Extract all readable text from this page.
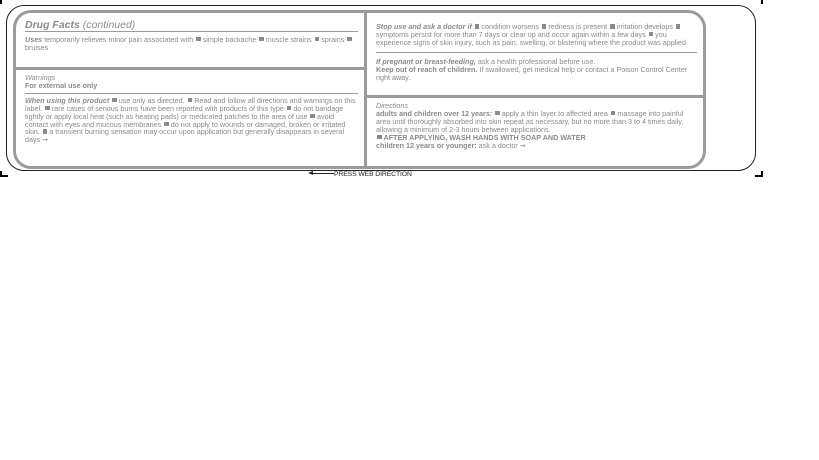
Drug Facts (continued)
Uses temporarily relieves minor pain associated with simple backache muscle strains sprains bruises
Warnings
For external use only
When using this product use only as directed. Read and follow all directions and warnings on this label. rare cases of serious burns have been reported with products of this type do not bandage tightly or apply local heat (such as heating pads) or medicated patches to the area of use avoid contact with eyes and mucous membranes do not apply to wounds or damaged, broken or irritated skin. a transient burning sensation may occur upon application but generally disappears in several days ➞
Stop use and ask a doctor if condition worsens redness is present irritation develops symptoms persist for more than 7 days or clear up and occur again within a few days you experience signs of skin injury, such as pain, swelling, or blistering where the product was applied
If pregnant or breast-feeding, ask a health professional before use.
Keep out of reach of children. If swallowed, get medical help or contact a Poison Control Center right away.
Directions
adults and children over 12 years: apply a thin layer to affected area massage into painful area until thoroughly absorbed into skin repeat as necessary, but no more than 3 to 4 times daily, allowing a minimum of 2-3 hours between applications.
AFTER APPLYING, WASH HANDS WITH SOAP AND WATER
children 12 years or younger: ask a doctor ➞
PRESS WEB DIRECTION
